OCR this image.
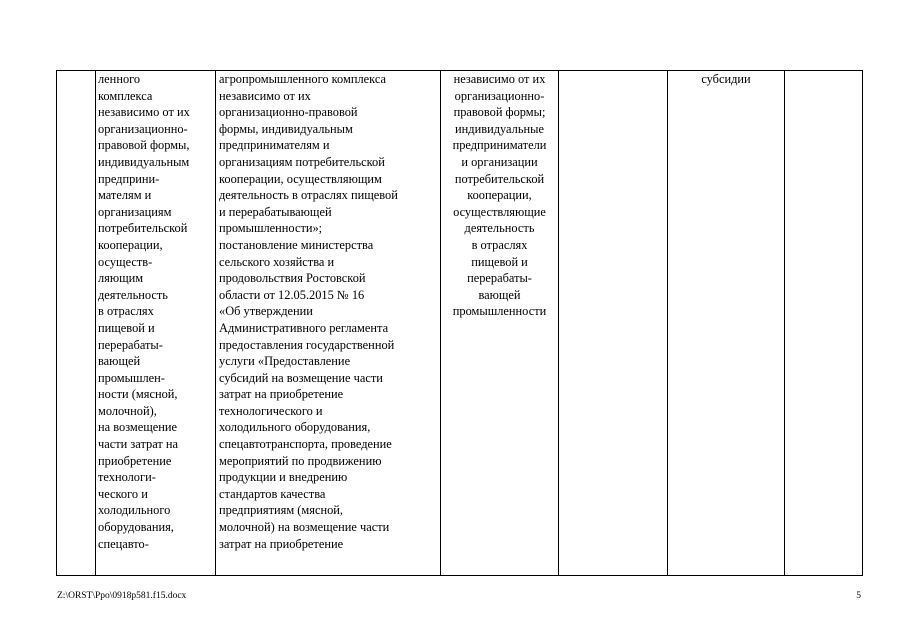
ленного
комплекса
независимо от их
организационно-
правовой формы,
индивидуальным
предприни-
мателям и
организациям
потребительской
кооперации,
осуществ-
ляющим
деятельность
в отраслях
пищевой и
перерабаты-
вающей
промышлен-
ности (мясной,
молочной),
на возмещение
части затрат на
приобретение
технологи-
ческого и
холодильного
оборудования,
спецавто-

агропромышленного комплекса
независимо от их
организационно-правовой
формы, индивидуальным
предпринимателям и
организациям потребительской
кооперации, осуществляющим
деятельность в отраслях пищевой
и перерабатывающей
промышленности»;
постановление министерства
сельского хозяйства и
продовольствия Ростовской
области от 12.05.2015 № 16
«Об утверждении
Административного регламента
предоставления государственной
услуги «Предоставление
субсидий на возмещение части
затрат на приобретение
технологического и
холодильного оборудования,
спецавтотранспорта, проведение
мероприятий по продвижению
продукции и внедрению
стандартов качества
предприятиям (мясной,
молочной) на возмещение части
затрат на приобретение

независимо от их
организационно-
правовой формы;
индивидуальные
предприниматели
и организации
потребительской
кооперации,
осуществляющие
деятельность
в отраслях
пищевой и
перерабаты-
вающей
промышленности

субсидии

Z:\ORST\Ppo\0918p581.f15.docx	5
